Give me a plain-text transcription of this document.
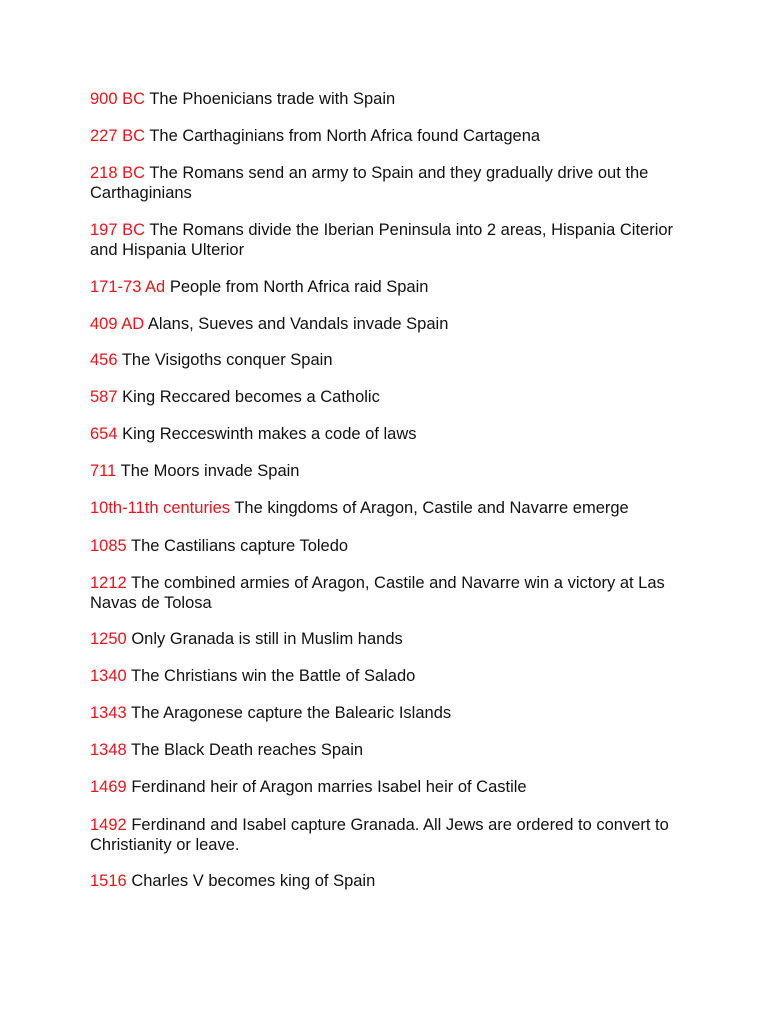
900 BC The Phoenicians trade with Spain
227 BC The Carthaginians from North Africa found Cartagena
218 BC The Romans send an army to Spain and they gradually drive out the Carthaginians
197 BC The Romans divide the Iberian Peninsula into 2 areas, Hispania Citerior and Hispania Ulterior
171-73 Ad People from North Africa raid Spain
409 AD Alans, Sueves and Vandals invade Spain
456 The Visigoths conquer Spain
587 King Reccared becomes a Catholic
654 King Recceswinth makes a code of laws
711 The Moors invade Spain
10th-11th centuries The kingdoms of Aragon, Castile and Navarre emerge
1085 The Castilians capture Toledo
1212 The combined armies of Aragon, Castile and Navarre win a victory at Las Navas de Tolosa
1250 Only Granada is still in Muslim hands
1340 The Christians win the Battle of Salado
1343 The Aragonese capture the Balearic Islands
1348 The Black Death reaches Spain
1469 Ferdinand heir of Aragon marries Isabel heir of Castile
1492 Ferdinand and Isabel capture Granada. All Jews are ordered to convert to Christianity or leave.
1516 Charles V becomes king of Spain
